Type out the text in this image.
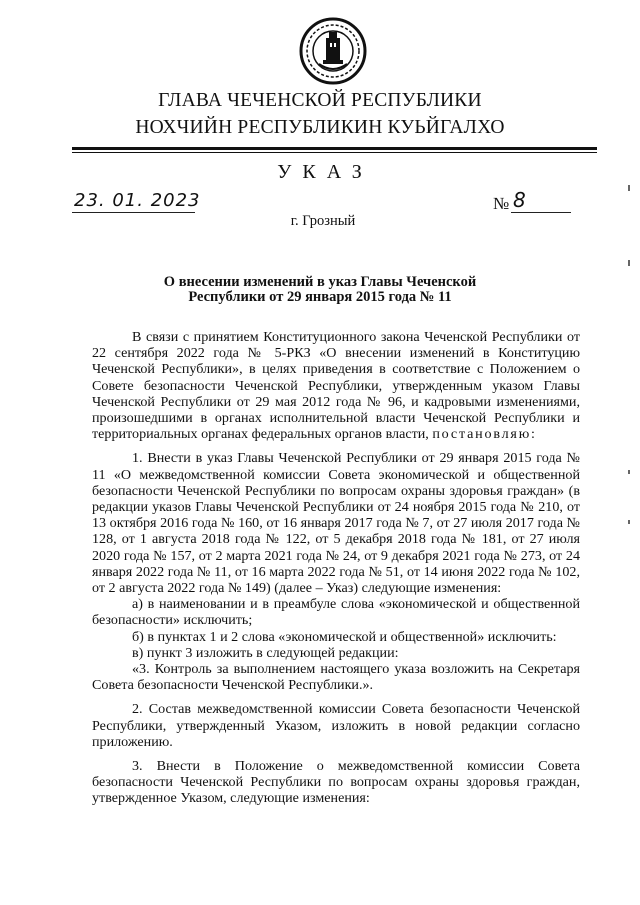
ГЛАВА ЧЕЧЕНСКОЙ РЕСПУБЛИКИ
НОХЧИЙН РЕСПУБЛИКИН КУЬЙГАЛХО
УКАЗ
23. 01. 2023	№ 8
г. Грозный
О внесении изменений в указ Главы Чеченской
Республики от 29 января 2015 года № 11

В связи с принятием Конституционного закона Чеченской Республики от 22 сентября 2022 года № 5-РКЗ «О внесении изменений в Конституцию Чеченской Республики», в целях приведения в соответствие с Положением о Совете безопасности Чеченской Республики, утвержденным указом Главы Чеченской Республики от 29 мая 2012 года № 96, и кадровыми изменениями, произошедшими в органах исполнительной власти Чеченской Республики и территориальных органах федеральных органов власти, постановляю:

1. Внести в указ Главы Чеченской Республики от 29 января 2015 года № 11 «О межведомственной комиссии Совета экономической и общественной безопасности Чеченской Республики по вопросам охраны здоровья граждан» (в редакции указов Главы Чеченской Республики от 24 ноября 2015 года № 210, от 13 октября 2016 года № 160, от 16 января 2017 года № 7, от 27 июля 2017 года № 128, от 1 августа 2018 года № 122, от 5 декабря 2018 года № 181, от 27 июля 2020 года № 157, от 2 марта 2021 года № 24, от 9 декабря 2021 года № 273, от 24 января 2022 года № 11, от 16 марта 2022 года № 51, от 14 июня 2022 года № 102, от 2 августа 2022 года № 149) (далее – Указ) следующие изменения:

а) в наименовании и в преамбуле слова «экономической и общественной безопасности» исключить;

б) в пунктах 1 и 2 слова «экономической и общественной» исключить:

в) пункт 3 изложить в следующей редакции:

«3. Контроль за выполнением настоящего указа возложить на Секретаря Совета безопасности Чеченской Республики.».

2. Состав межведомственной комиссии Совета безопасности Чеченской Республики, утвержденный Указом, изложить в новой редакции согласно приложению.

3. Внести в Положение о межведомственной комиссии Совета безопасности Чеченской Республики по вопросам охраны здоровья граждан, утвержденное Указом, следующие изменения:
